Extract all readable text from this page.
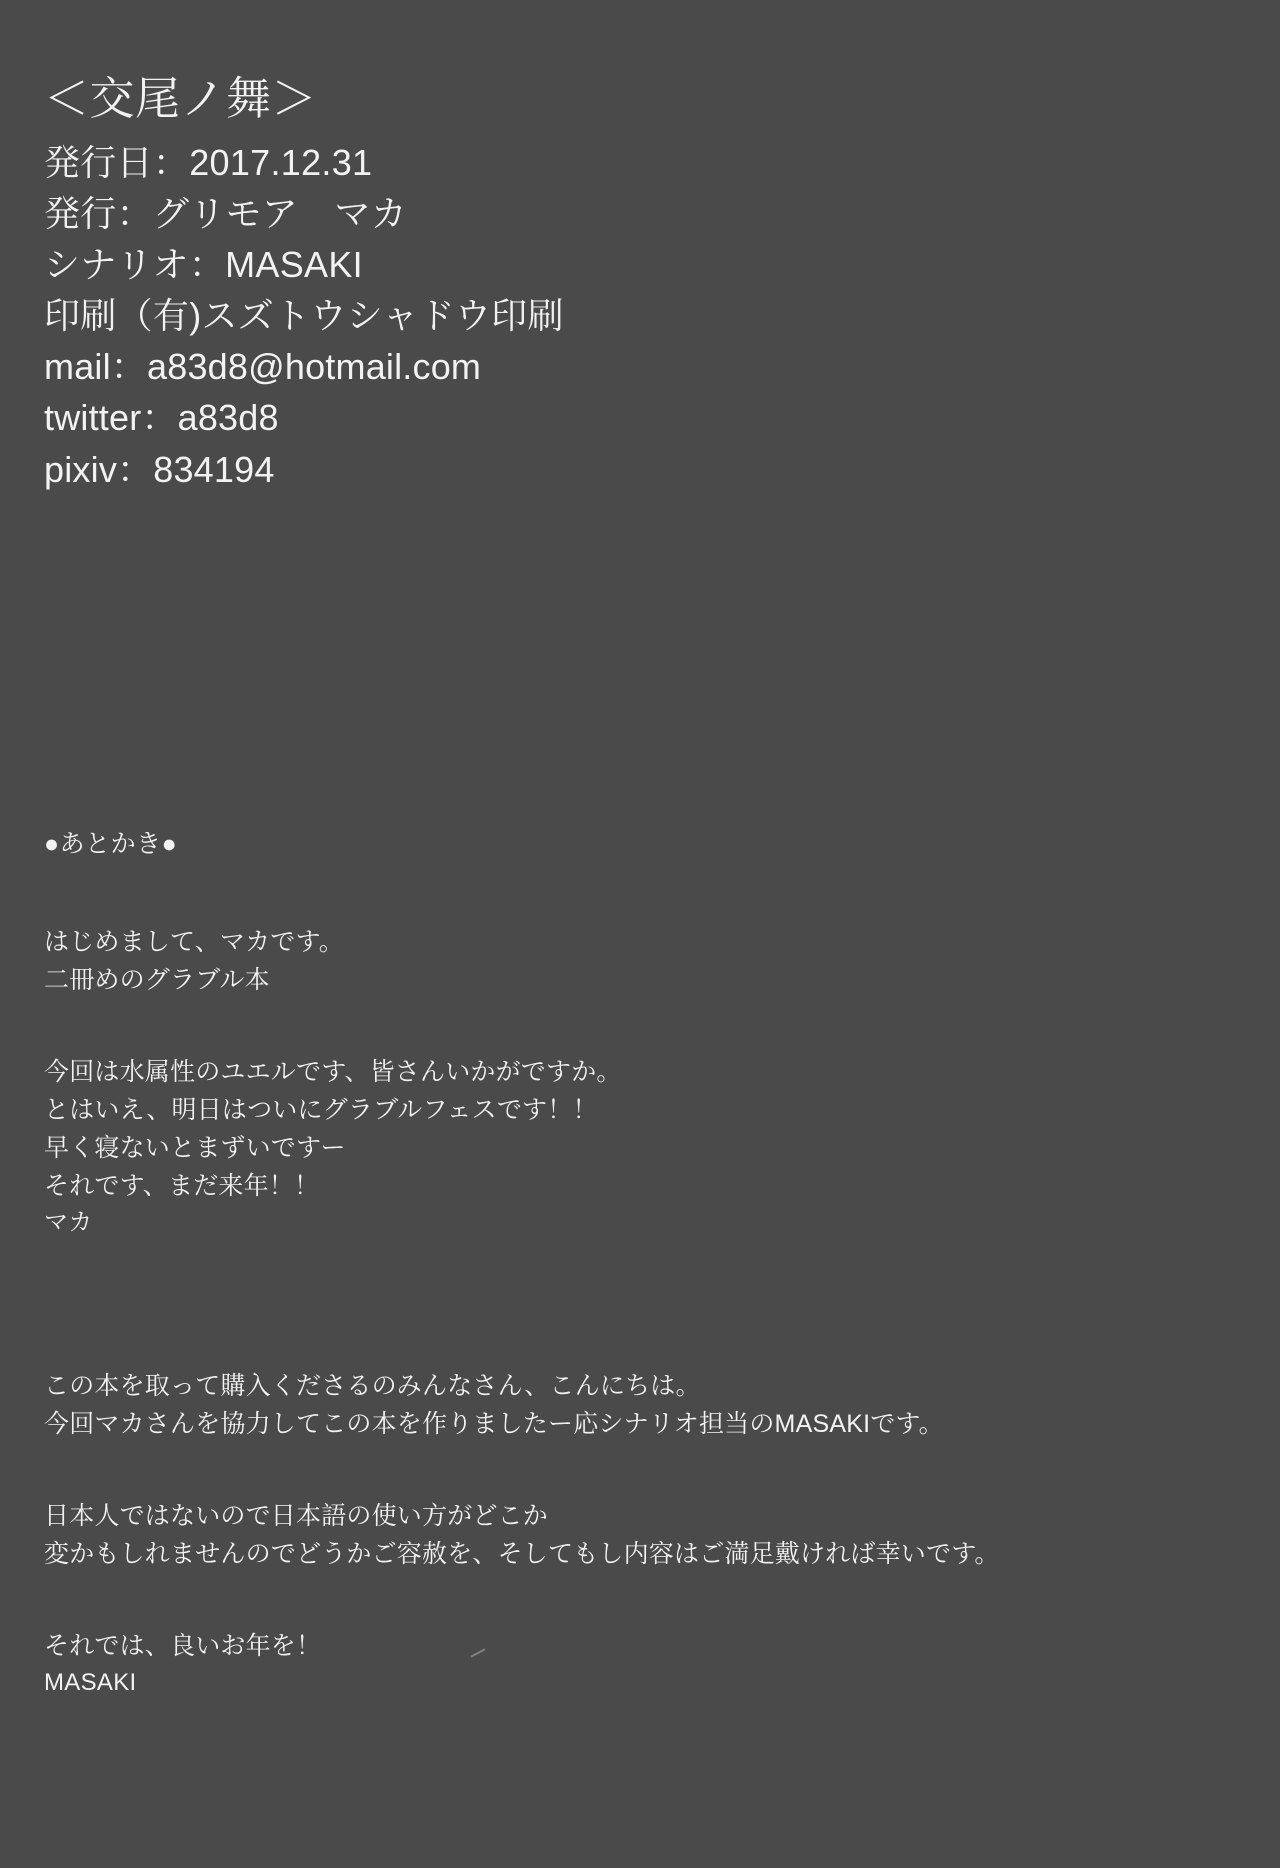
＜交尾ノ舞＞
発行日：2017.12.31
発行：グリモア　マカ
シナリオ：MASAKI
印刷（有)スズトウシャドウ印刷
mail：a83d8@hotmail.com
twitter：a83d8
pixiv：834194
●あとかき●
はじめまして、マカです。
二冊めのグラブル本
今回は水属性のユエルです、皆さんいかがですか。
とはいえ、明日はついにグラブルフェスです！！
早く寝ないとまずいですー
それです、まだ来年！！
マカ
この本を取って購入くださるのみんなさん、こんにちは。
今回マカさんを協力してこの本を作りましたー応シナリオ担当のMASAKIです。
日本人ではないので日本語の使い方がどこか
変かもしれませんのでどうかご容赦を、そしてもし内容はご満足戴ければ幸いです。
それでは、良いお年を！
MASAKI
